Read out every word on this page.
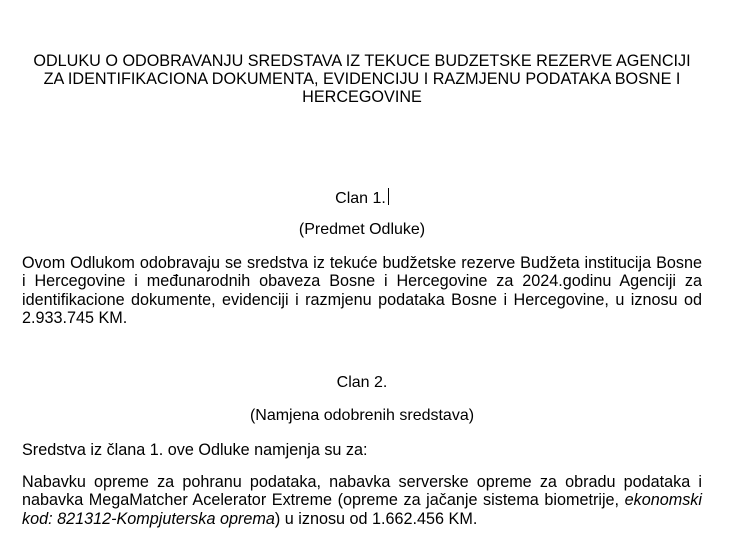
ODLUKU O ODOBRAVANJU SREDSTAVA IZ TEKUCE BUDZETSKE REZERVE AGENCIJI ZA IDENTIFIKACIONA DOKUMENTA, EVIDENCIJU I RAZMJENU PODATAKA BOSNE I HERCEGOVINE
Clan 1.
(Predmet Odluke)
Ovom Odlukom odobravaju se sredstva iz tekuće budžetske rezerve Budžeta institucija Bosne i Hercegovine i međunarodnih obaveza Bosne i Hercegovine za 2024.godinu Agenciji za identifikacione dokumente, evidenciji i razmjenu podataka Bosne i Hercegovine, u iznosu od 2.933.745 KM.
Clan 2.
(Namjena odobrenih sredstava)
Sredstva iz člana 1. ove Odluke namjenja su za:
Nabavku opreme za pohranu podataka, nabavka serverske opreme za obradu podataka i nabavka MegaMatcher Acelerator Extreme (opreme za jačanje sistema biometrije, ekonomski kod: 821312-Kompjuterska oprema) u iznosu od 1.662.456 KM.
